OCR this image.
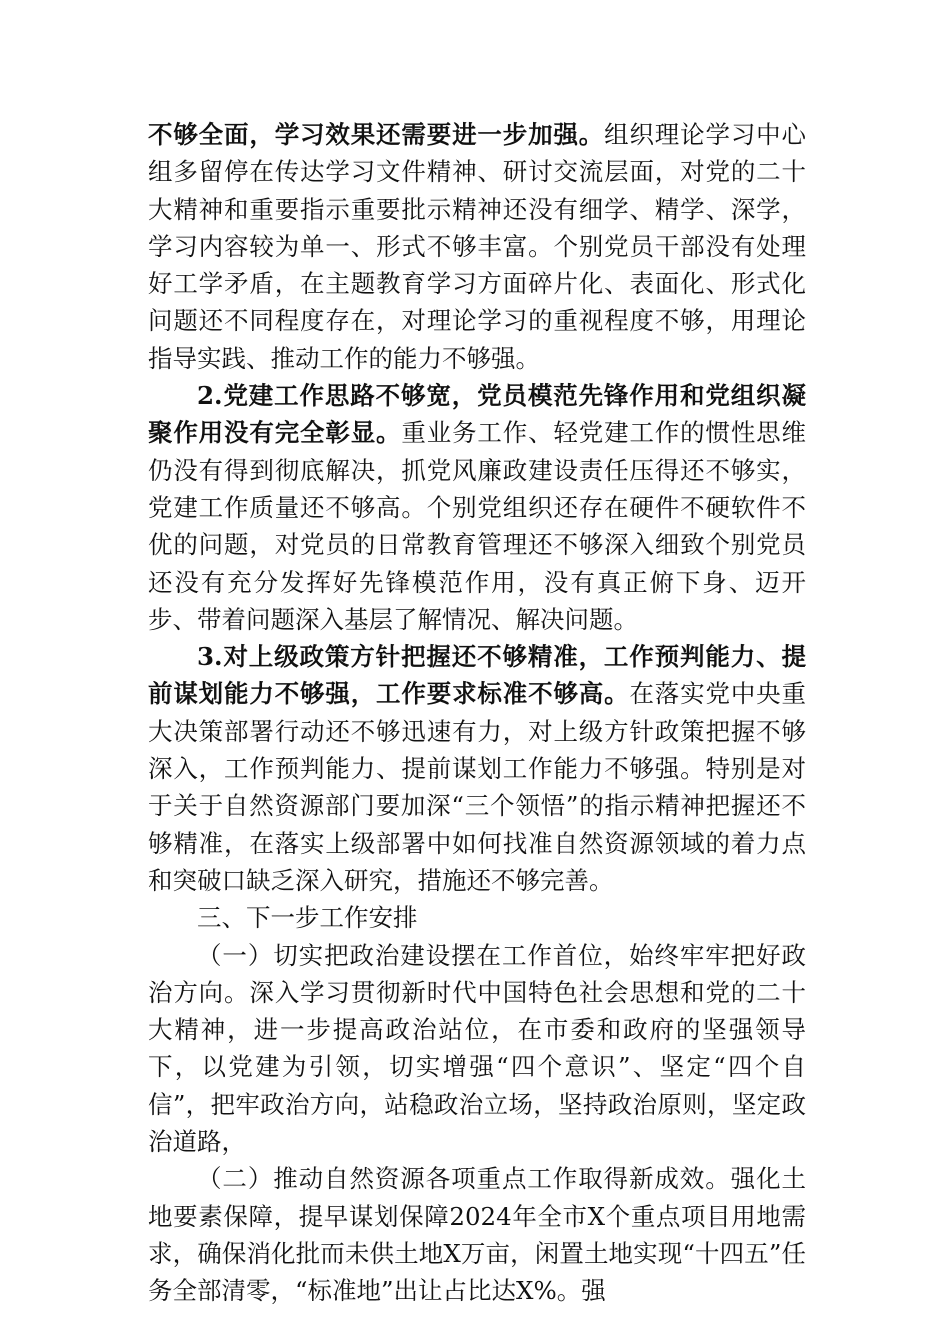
不够全面，学习效果还需要进一步加强。组织理论学习中心组多留停在传达学习文件精神、研讨交流层面，对党的二十大精神和重要指示重要批示精神还没有细学、精学、深学，学习内容较为单一、形式不够丰富。个别党员干部没有处理好工学矛盾，在主题教育学习方面碎片化、表面化、形式化问题还不同程度存在，对理论学习的重视程度不够，用理论指导实践、推动工作的能力不够强。

2.党建工作思路不够宽，党员模范先锋作用和党组织凝聚作用没有完全彰显。重业务工作、轻党建工作的惯性思维仍没有得到彻底解决，抓党风廉政建设责任压得还不够实，党建工作质量还不够高。个别党组织还存在硬件不硬软件不优的问题，对党员的日常教育管理还不够深入细致个别党员还没有充分发挥好先锋模范作用，没有真正俯下身、迈开步、带着问题深入基层了解情况、解决问题。

3.对上级政策方针把握还不够精准，工作预判能力、提前谋划能力不够强，工作要求标准不够高。在落实党中央重大决策部署行动还不够迅速有力，对上级方针政策把握不够深入，工作预判能力、提前谋划工作能力不够强。特别是对于关于自然资源部门要加深“三个领悟”的指示精神把握还不够精准，在落实上级部署中如何找准自然资源领域的着力点和突破口缺乏深入研究，措施还不够完善。

三、下一步工作安排

（一）切实把政治建设摆在工作首位，始终牢牢把好政治方向。深入学习贯彻新时代中国特色社会思想和党的二十大精神，进一步提高政治站位，在市委和政府的坚强领导下，以党建为引领，切实增强“四个意识”、坚定“四个自信”，把牢政治方向，站稳政治立场，坚持政治原则，坚定政治道路，

（二）推动自然资源各项重点工作取得新成效。强化土地要素保障，提早谋划保障2024年全市X个重点项目用地需求，确保消化批而未供土地X万亩，闲置土地实现“十四五”任务全部清零，“标准地”出让占比达X%。强
